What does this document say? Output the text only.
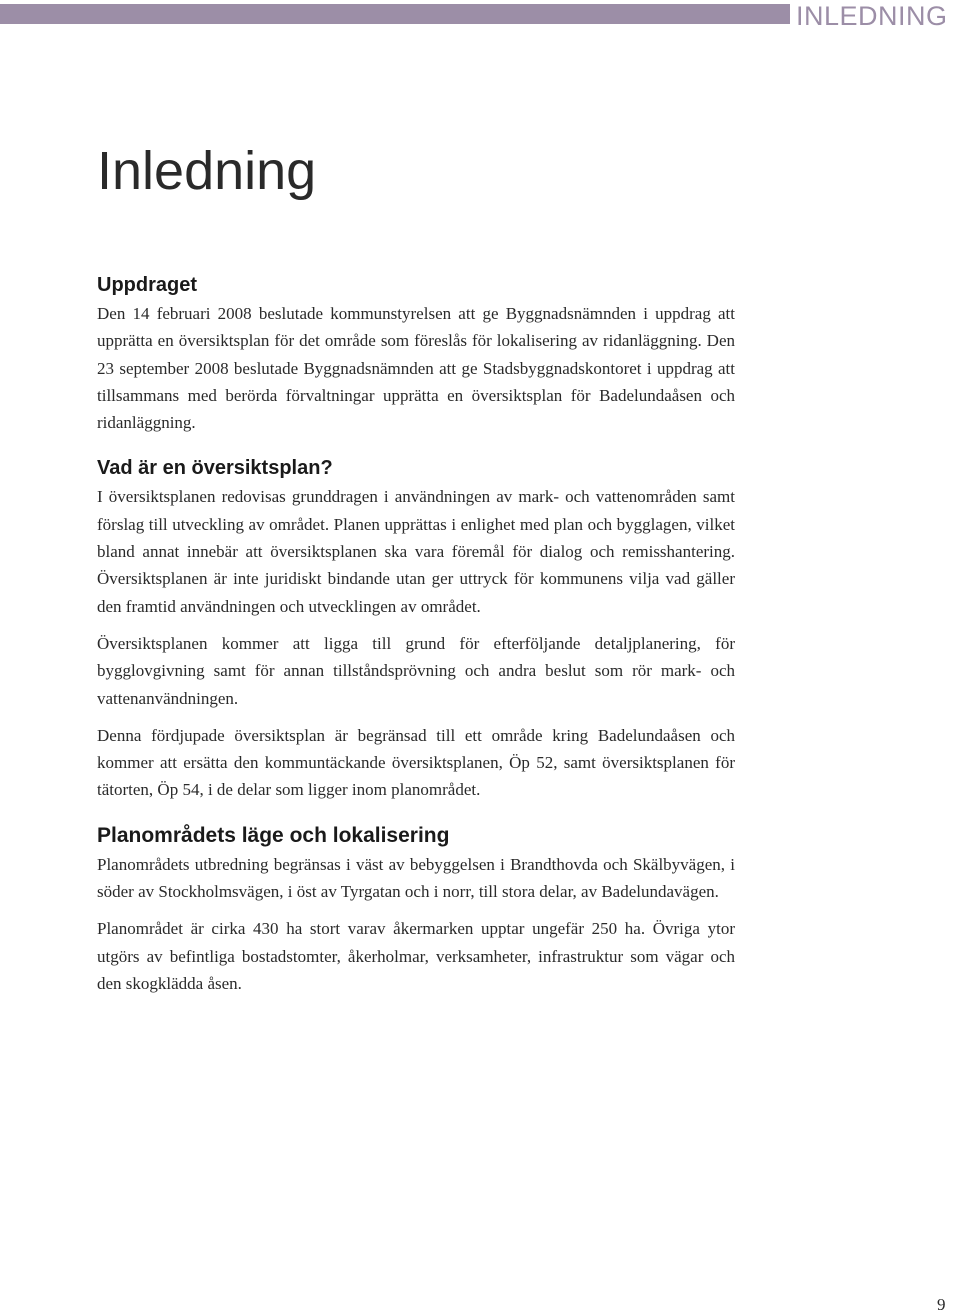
INLEDNING
Inledning
Uppdraget

Den 14 februari 2008 beslutade kommunstyrelsen att ge Byggnadsnämnden i uppdrag att upprätta en översiktsplan för det område som föreslås för lokalisering av ridanläggning. Den 23 september 2008 beslutade Byggnadsnämnden att ge Stadsbyggnadskontoret i uppdrag att tillsammans med berörda förvaltningar upprätta en översiktsplan för Badelundaåsen och ridanläggning.

Vad är en översiktsplan?

I översiktsplanen redovisas grunddragen i användningen av mark- och vattenområden samt förslag till utveckling av området. Planen upprättas i enlighet med plan och bygglagen, vilket bland annat innebär att översiktsplanen ska vara föremål för dialog och remisshantering. Översiktsplanen är inte juridiskt bindande utan ger uttryck för kommunens vilja vad gäller den framtid användningen och utvecklingen av området.

Översiktsplanen kommer att ligga till grund för efterföljande detaljplanering, för bygglovgivning samt för annan tillståndsprövning och andra beslut som rör mark- och vattenanvändningen.

Denna fördjupade översiktsplan är begränsad till ett område kring Badelundaåsen och kommer att ersätta den kommuntäckande översiktsplanen, Öp 52, samt översiktsplanen för tätorten, Öp 54, i de delar som ligger inom planområdet.

Planområdets läge och lokalisering

Planområdets utbredning begränsas i väst av bebyggelsen i Brandthovda och Skälbyvägen, i söder av Stockholmsvägen, i öst av Tyrgatan och i norr, till stora delar, av Badelundavägen.

Planområdet är cirka 430 ha stort varav åkermarken upptar ungefär 250 ha. Övriga ytor utgörs av befintliga bostadstomter, åkerholmar, verksamheter, infrastruktur som vägar och den skogklädda åsen.

9
